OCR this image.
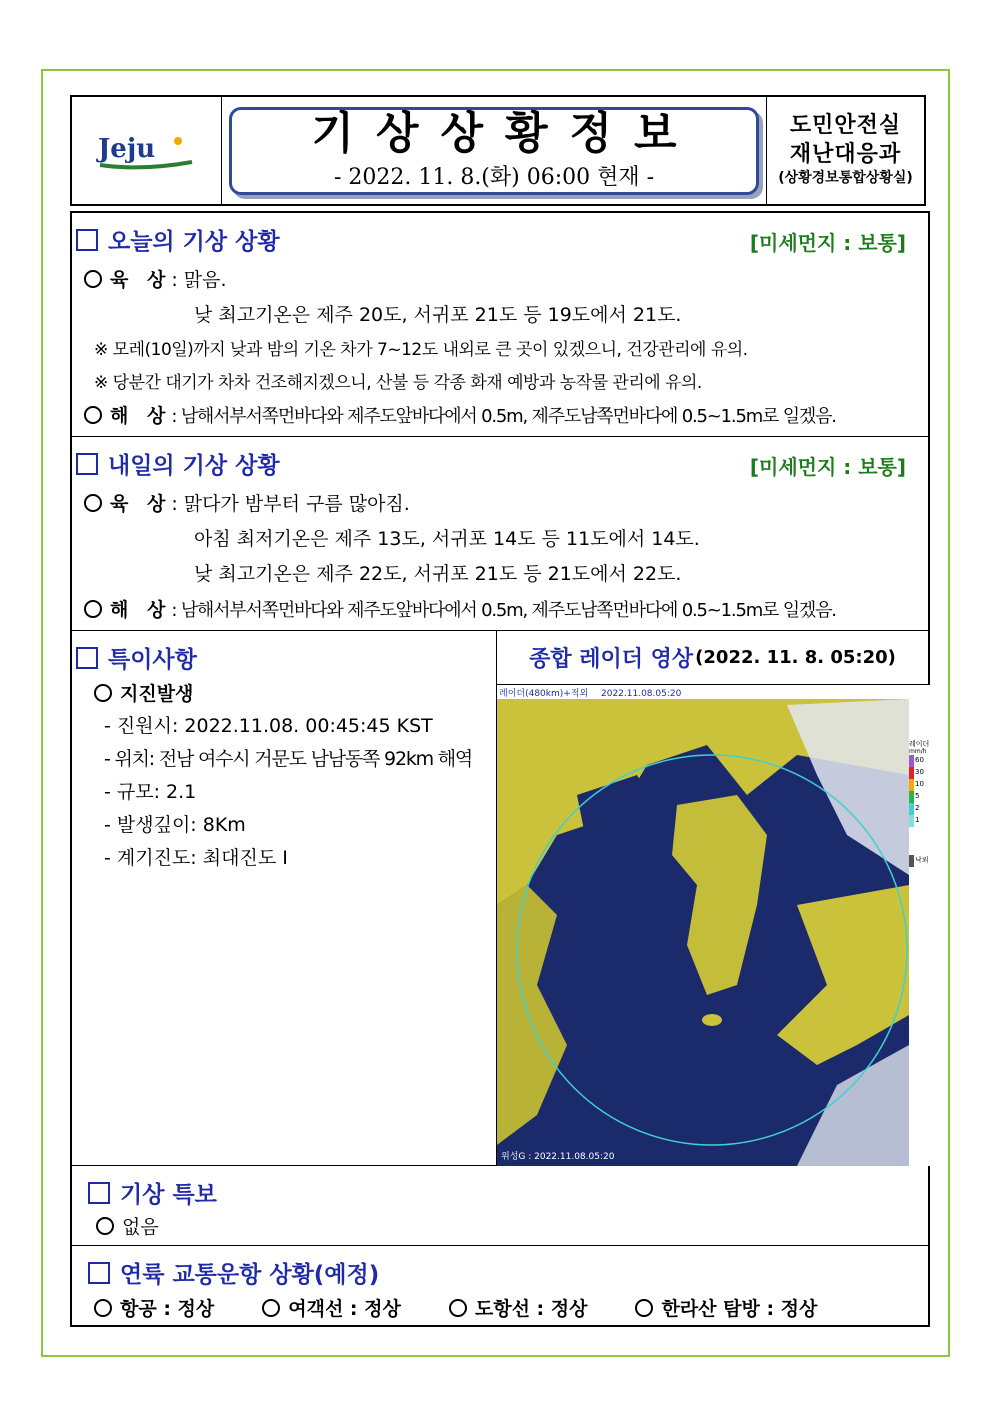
Jeju	기상상황정보
- 2022. 11. 8.(화) 06:00 현재 -
도민안전실
재난대응과
(상황경보통합상황실)
오늘의 기상 상황	[미세먼지 : 보통]
육 상: 맑음.
낮 최고기온은 제주 20도, 서귀포 21도 등 19도에서 21도.
※ 모레(10일)까지 낮과 밤의 기온 차가 7~12도 내외로 큰 곳이 있겠으니, 건강관리에 유의.
※ 당분간 대기가 차차 건조해지겠으니, 산불 등 각종 화재 예방과 농작물 관리에 유의.
해 상: 남해서부서쪽먼바다와 제주도앞바다에서 0.5m, 제주도남쪽먼바다에 0.5~1.5m로 일겠음.
내일의 기상 상황	[미세먼지 : 보통]
육 상: 맑다가 밤부터 구름 많아짐.
아침 최저기온은 제주 13도, 서귀포 14도 등 11도에서 14도.
낮 최고기온은 제주 22도, 서귀포 21도 등 21도에서 22도.
해 상: 남해서부서쪽먼바다와 제주도앞바다에서 0.5m, 제주도남쪽먼바다에 0.5~1.5m로 일겠음.
특이사항
지진발생
- 진원시: 2022.11.08. 00:45:45 KST
- 위치: 전남 여수시 거문도 남남동쪽 92km 해역
- 규모: 2.1
- 발생깊이: 8Km
- 계기진도: 최대진도 Ⅰ
종합 레이더 영상 (2022. 11. 8. 05:20)
레이더(480km)+적외 2022.11.08.05:20
위성G : 2022.11.08.05:20
레이더
mm/h
60
30
10
5
2
1
낙뢰
기상 특보
없음
연륙 교통운항 상황(예정)
항공 : 정상	여객선 : 정상	도항선 : 정상	한라산 탐방 : 정상
